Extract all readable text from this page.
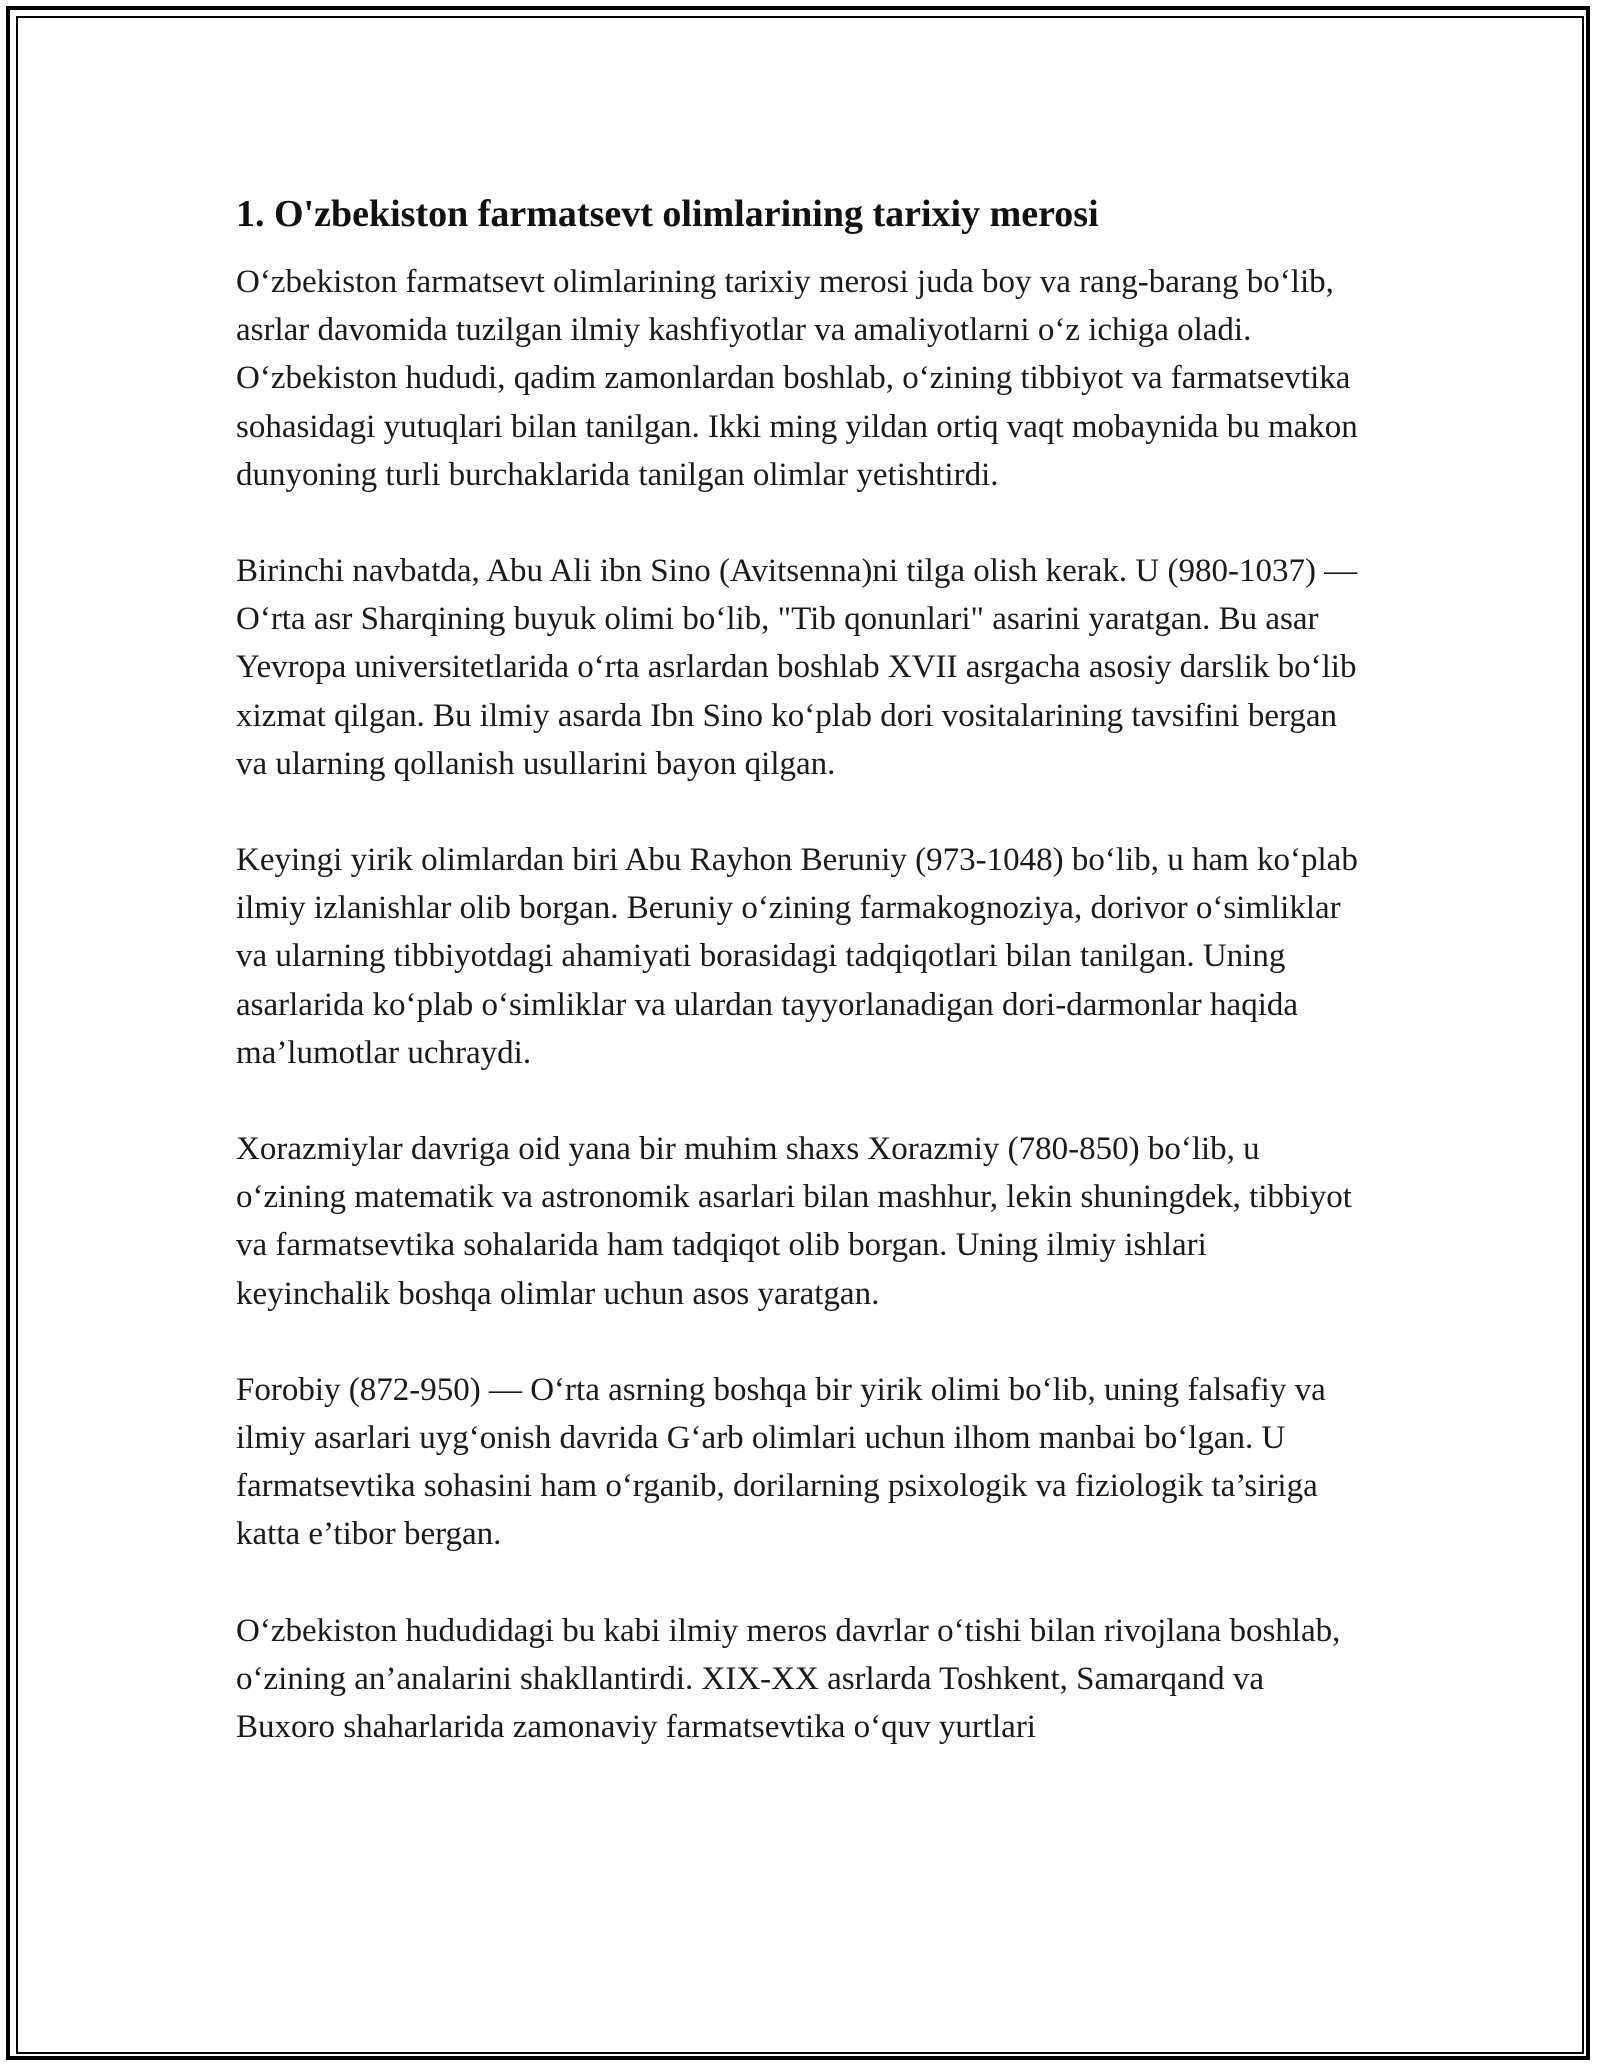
1. O'zbekiston farmatsevt olimlarining tarixiy merosi

O‘zbekiston farmatsevt olimlarining tarixiy merosi juda boy va rang-barang bo‘lib, asrlar davomida tuzilgan ilmiy kashfiyotlar va amaliyotlarni o‘z ichiga oladi. O‘zbekiston hududi, qadim zamonlardan boshlab, o‘zining tibbiyot va farmatsevtika sohasidagi yutuqlari bilan tanilgan. Ikki ming yildan ortiq vaqt mobaynida bu makon dunyoning turli burchaklarida tanilgan olimlar yetishtirdi.

Birinchi navbatda, Abu Ali ibn Sino (Avitsenna)ni tilga olish kerak. U (980-1037) — O‘rta asr Sharqining buyuk olimi bo‘lib, "Tib qonunlari" asarini yaratgan. Bu asar Yevropa universitetlarida o‘rta asrlardan boshlab XVII asrgacha asosiy darslik bo‘lib xizmat qilgan. Bu ilmiy asarda Ibn Sino ko‘plab dori vositalarining tavsifini bergan va ularning qollanish usullarini bayon qilgan.

Keyingi yirik olimlardan biri Abu Rayhon Beruniy (973-1048) bo‘lib, u ham ko‘plab ilmiy izlanishlar olib borgan. Beruniy o‘zining farmakognoziya, dorivor o‘simliklar va ularning tibbiyotdagi ahamiyati borasidagi tadqiqotlari bilan tanilgan. Uning asarlarida ko‘plab o‘simliklar va ulardan tayyorlanadigan dori-darmonlar haqida ma’lumotlar uchraydi.

Xorazmiylar davriga oid yana bir muhim shaxs Xorazmiy (780-850) bo‘lib, u o‘zining matematik va astronomik asarlari bilan mashhur, lekin shuningdek, tibbiyot va farmatsevtika sohalarida ham tadqiqot olib borgan. Uning ilmiy ishlari keyinchalik boshqa olimlar uchun asos yaratgan.

Forobiy (872-950) — O‘rta asrning boshqa bir yirik olimi bo‘lib, uning falsafiy va ilmiy asarlari uyg‘onish davrida G‘arb olimlari uchun ilhom manbai bo‘lgan. U farmatsevtika sohasini ham o‘rganib, dorilarning psixologik va fiziologik ta’siriga katta e’tibor bergan.

O‘zbekiston hududidagi bu kabi ilmiy meros davrlar o‘tishi bilan rivojlana boshlab, o‘zining an’analarini shakllantirdi. XIX-XX asrlarda Toshkent, Samarqand va Buxoro shaharlarida zamonaviy farmatsevtika o‘quv yurtlari
